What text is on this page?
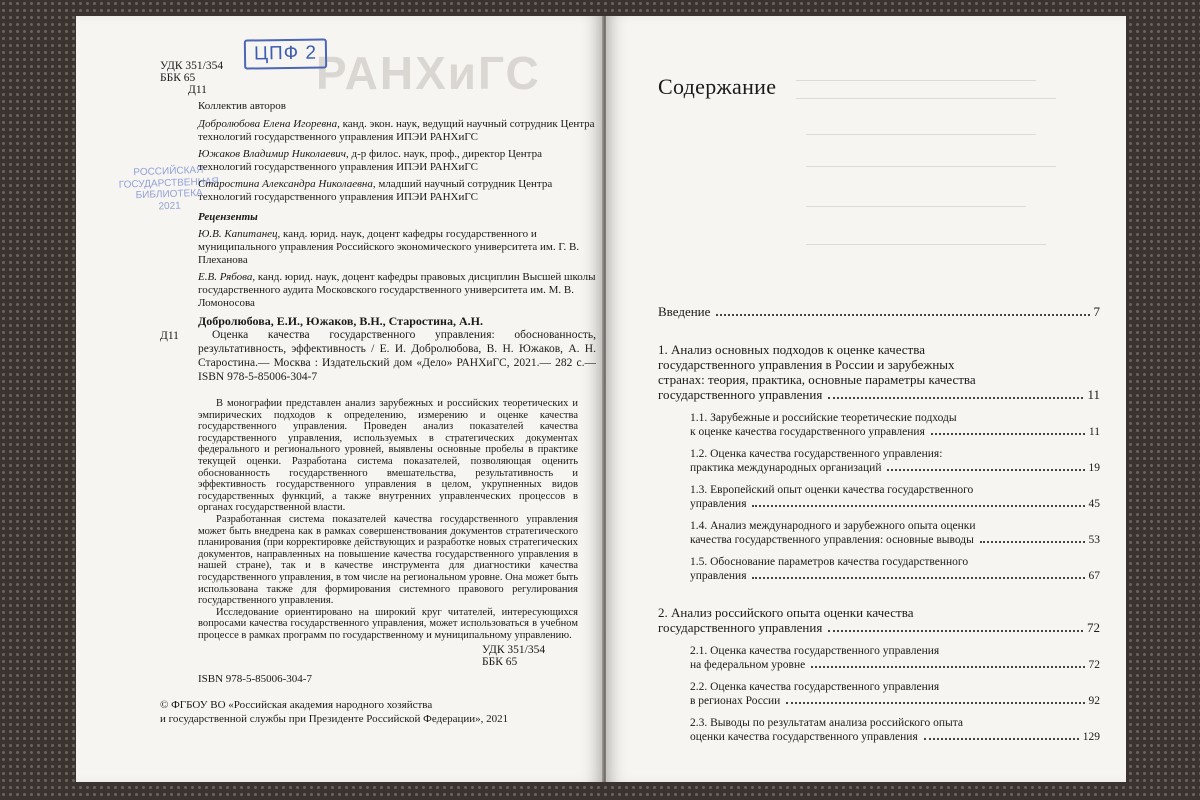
РАНХиГС
УДК 351/354
ББК 65
Д11
ЦПФ 2
РОССИЙСКАЯ
ГОСУДАРСТВЕННАЯ
БИБЛИОТЕКА
2021
Коллектив авторов
Добролюбова Елена Игоревна, канд. экон. наук, ведущий научный сотрудник Центра технологий государственного управления ИПЭИ РАНХиГС
Южаков Владимир Николаевич, д-р филос. наук, проф., директор Центра технологий государственного управления ИПЭИ РАНХиГС
Старостина Александра Николаевна, младший научный сотрудник Центра технологий государственного управления ИПЭИ РАНХиГС
Рецензенты
Ю.В. Капитанец, канд. юрид. наук, доцент кафедры государственного и муниципального управления Российского экономического университета им. Г. В. Плеханова
Е.В. Рябова, канд. юрид. наук, доцент кафедры правовых дисциплин Высшей школы государственного аудита Московского государственного университета им. М. В. Ломоносова
Д11
Добролюбова, Е.И., Южаков, В.Н., Старостина, А.Н.

Оценка качества государственного управления: обоснованность, результативность, эффективность / Е. И. Добролюбова, В. Н. Южаков, А. Н. Старостина.— Москва : Издательский дом «Дело» РАНХиГС, 2021.— 282 с.— ISBN 978-5-85006-304-7

В монографии представлен анализ зарубежных и российских теоретических и эмпирических подходов к определению, измерению и оценке качества государственного управления. Проведен анализ показателей качества государственного управления, используемых в стратегических документах федерального и регионального уровней, выявлены основные пробелы в практике текущей оценки. Разработана система показателей, позволяющая оценить обоснованность государственного вмешательства, результативность и эффективность государственного управления в целом, укрупненных видов государственных функций, а также внутренних управленческих процессов в органах государственной власти.

Разработанная система показателей качества государственного управления может быть внедрена как в рамках совершенствования документов стратегического планирования (при корректировке действующих и разработке новых стратегических документов, направленных на повышение качества государственного управления в нашей стране), так и в качестве инструмента для диагностики качества государственного управления, в том числе на региональном уровне. Она может быть использована также для формирования системного правового регулирования государственного управления.

Исследование ориентировано на широкий круг читателей, интересующихся вопросами качества государственного управления, может использоваться в учебном процессе в рамках программ по государственному и муниципальному управлению.

УДК 351/354
ББК 65
ISBN 978-5-85006-304-7
© ФГБОУ ВО «Российская академия народного хозяйства
и государственной службы при Президенте Российской Федерации», 2021
Содержание
Введение	7
1. Анализ основных подходов к оценке качества
государственного управления в России и зарубежных
странах: теория, практика, основные параметры качества
государственного управления	11
1.1. Зарубежные и российские теоретические подходы
к оценке качества государственного управления	11
1.2. Оценка качества государственного управления:
практика международных организаций	19
1.3. Европейский опыт оценки качества государственного
управления	45
1.4. Анализ международного и зарубежного опыта оценки
качества государственного управления: основные выводы	53
1.5. Обоснование параметров качества государственного
управления	67
2. Анализ российского опыта оценки качества
государственного управления	72
2.1. Оценка качества государственного управления
на федеральном уровне	72
2.2. Оценка качества государственного управления
в регионах России	92
2.3. Выводы по результатам анализа российского опыта
оценки качества государственного управления	129
